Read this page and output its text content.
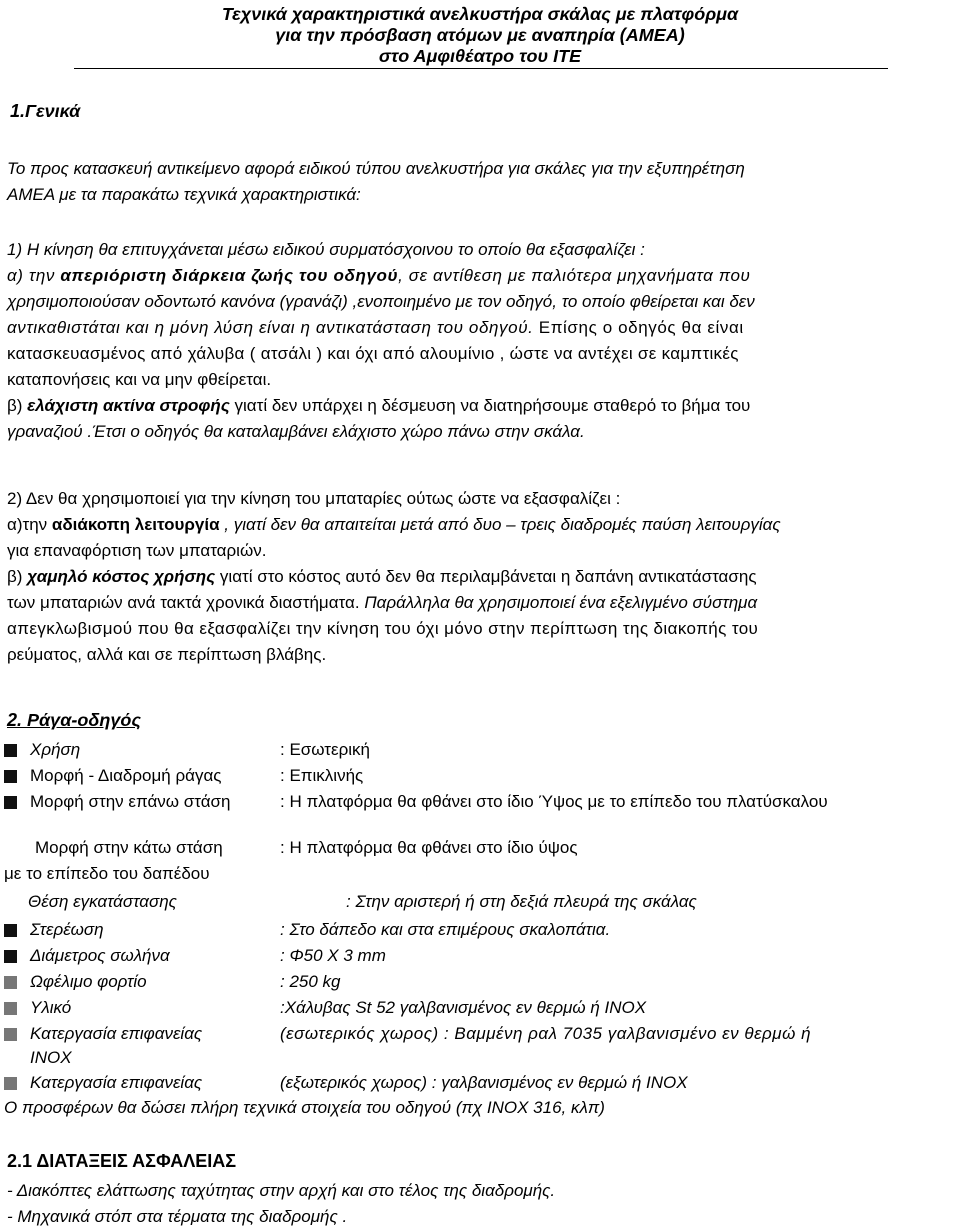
Τεχνικά χαρακτηριστικά ανελκυστήρα σκάλας με πλατφόρμα
για την πρόσβαση ατόμων με αναπηρία (ΑΜΕΑ)
στο Αμφιθέατρο του ΙΤΕ
1.Γενικά
Το προς κατασκευή αντικείμενο αφορά ειδικού τύπου ανελκυστήρα για σκάλες για την εξυπηρέτηση
ΑΜΕΑ με τα παρακάτω τεχνικά χαρακτηριστικά:
1) Η κίνηση θα επιτυγχάνεται μέσω ειδικού συρματόσχοινου το οποίο θα εξασφαλίζει :
α) την απεριόριστη διάρκεια ζωής του οδηγού, σε αντίθεση με παλιότερα μηχανήματα που
χρησιμοποιούσαν οδοντωτό κανόνα (γρανάζι) ,ενοποιημένο με τον οδηγό, το οποίο φθείρεται και δεν
αντικαθιστάται και η μόνη λύση είναι η αντικατάσταση του οδηγού. Επίσης ο οδηγός θα είναι
κατασκευασμένος από χάλυβα ( ατσάλι ) και όχι από αλουμίνιο , ώστε να αντέχει σε καμπτικές
καταπονήσεις και να μην φθείρεται.
β) ελάχιστη ακτίνα στροφής γιατί δεν υπάρχει η δέσμευση να διατηρήσουμε σταθερό το βήμα του
γραναζιού .Έτσι ο οδηγός θα καταλαμβάνει ελάχιστο χώρο πάνω στην σκάλα.
2) Δεν θα χρησιμοποιεί για την κίνηση του μπαταρίες ούτως ώστε να εξασφαλίζει :
α)την αδιάκοπη λειτουργία , γιατί δεν θα απαιτείται μετά από δυο – τρεις διαδρομές παύση λειτουργίας
για επαναφόρτιση των μπαταριών.
β) χαμηλό κόστος χρήσης γιατί στο κόστος αυτό δεν θα περιλαμβάνεται η δαπάνη αντικατάστασης
των μπαταριών ανά τακτά χρονικά διαστήματα. Παράλληλα θα χρησιμοποιεί ένα εξελιγμένο σύστημα
απεγκλωβισμού που θα εξασφαλίζει την κίνηση του όχι μόνο στην περίπτωση της διακοπής του
ρεύματος, αλλά και σε περίπτωση βλάβης.
2. Ράγα-οδηγός
Χρήση	: Εσωτερική
Μορφή - Διαδρομή ράγας	: Επικλινής
Μορφή στην επάνω στάση	: Η πλατφόρμα θα φθάνει στο ίδιο Ύψος με το επίπεδο του πλατύσκαλου
Μορφή στην κάτω στάση	: Η πλατφόρμα θα φθάνει στο ίδιο ύψος
με το επίπεδο του δαπέδου
Θέση εγκατάστασης	: Στην αριστερή ή στη δεξιά πλευρά της σκάλας
Στερέωση	: Στο δάπεδο και στα επιμέρους σκαλοπάτια.
Διάμετρος σωλήνα	: Φ50 Χ 3 mm
Ωφέλιμο φορτίο	: 250 kg
Υλικό	:Χάλυβας St 52 γαλβανισμένος εν θερμώ ή INOX
Κατεργασία επιφανείας	(εσωτερικός χωρος) : Βαμμένη ραλ 7035 γαλβανισμένο εν θερμώ ή
INOX
Κατεργασία επιφανείας	(εξωτερικός χωρος) : γαλβανισμένος εν θερμώ ή INOX
Ο προσφέρων θα δώσει πλήρη τεχνικά στοιχεία του οδηγού (πχ INOX 316, κλπ)
2.1 ΔΙΑΤΑΞΕΙΣ ΑΣΦΑΛΕΙΑΣ
- Διακόπτες ελάττωσης ταχύτητας στην αρχή και στο τέλος της διαδρομής.
- Μηχανικά στόπ στα τέρματα της διαδρομής .
